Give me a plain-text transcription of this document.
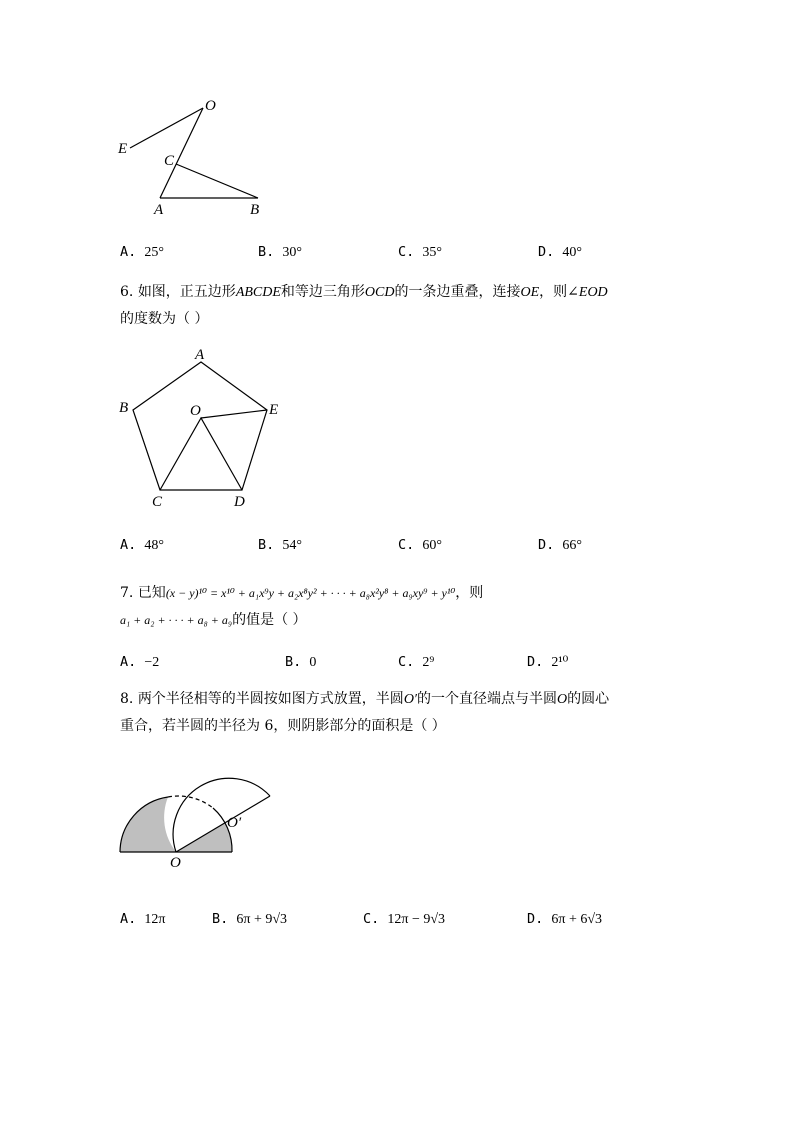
O
E
C
A	B
A. 25°	B. 30°	C. 35°	D. 40°
6. 如图，正五边形ABCDE和等边三角形OCD的一条边重叠，连接OE，则∠EOD
的度数为（ ）
A
B	O	E
C	D
A. 48°	B. 54°	C. 60°	D. 66°
7. 已知(x − y)¹⁰ = x¹⁰ + a₁x⁹y + a₂x⁸y² + · · · + a₈x²y⁸ + a₉xy⁹ + y¹⁰，则
a₁ + a₂ + · · · + a₈ + a₉的值是（ ）
A. −2	B. 0	C. 2⁹	D. 2¹⁰
8. 两个半径相等的半圆按如图方式放置，半圆O′的一个直径端点与半圆O的圆心
重合，若半圆的半径为 6，则阴影部分的面积是（ ）
O
O′
A. 12π	B. 6π + 9√3	C. 12π − 9√3	D. 6π + 6√3
